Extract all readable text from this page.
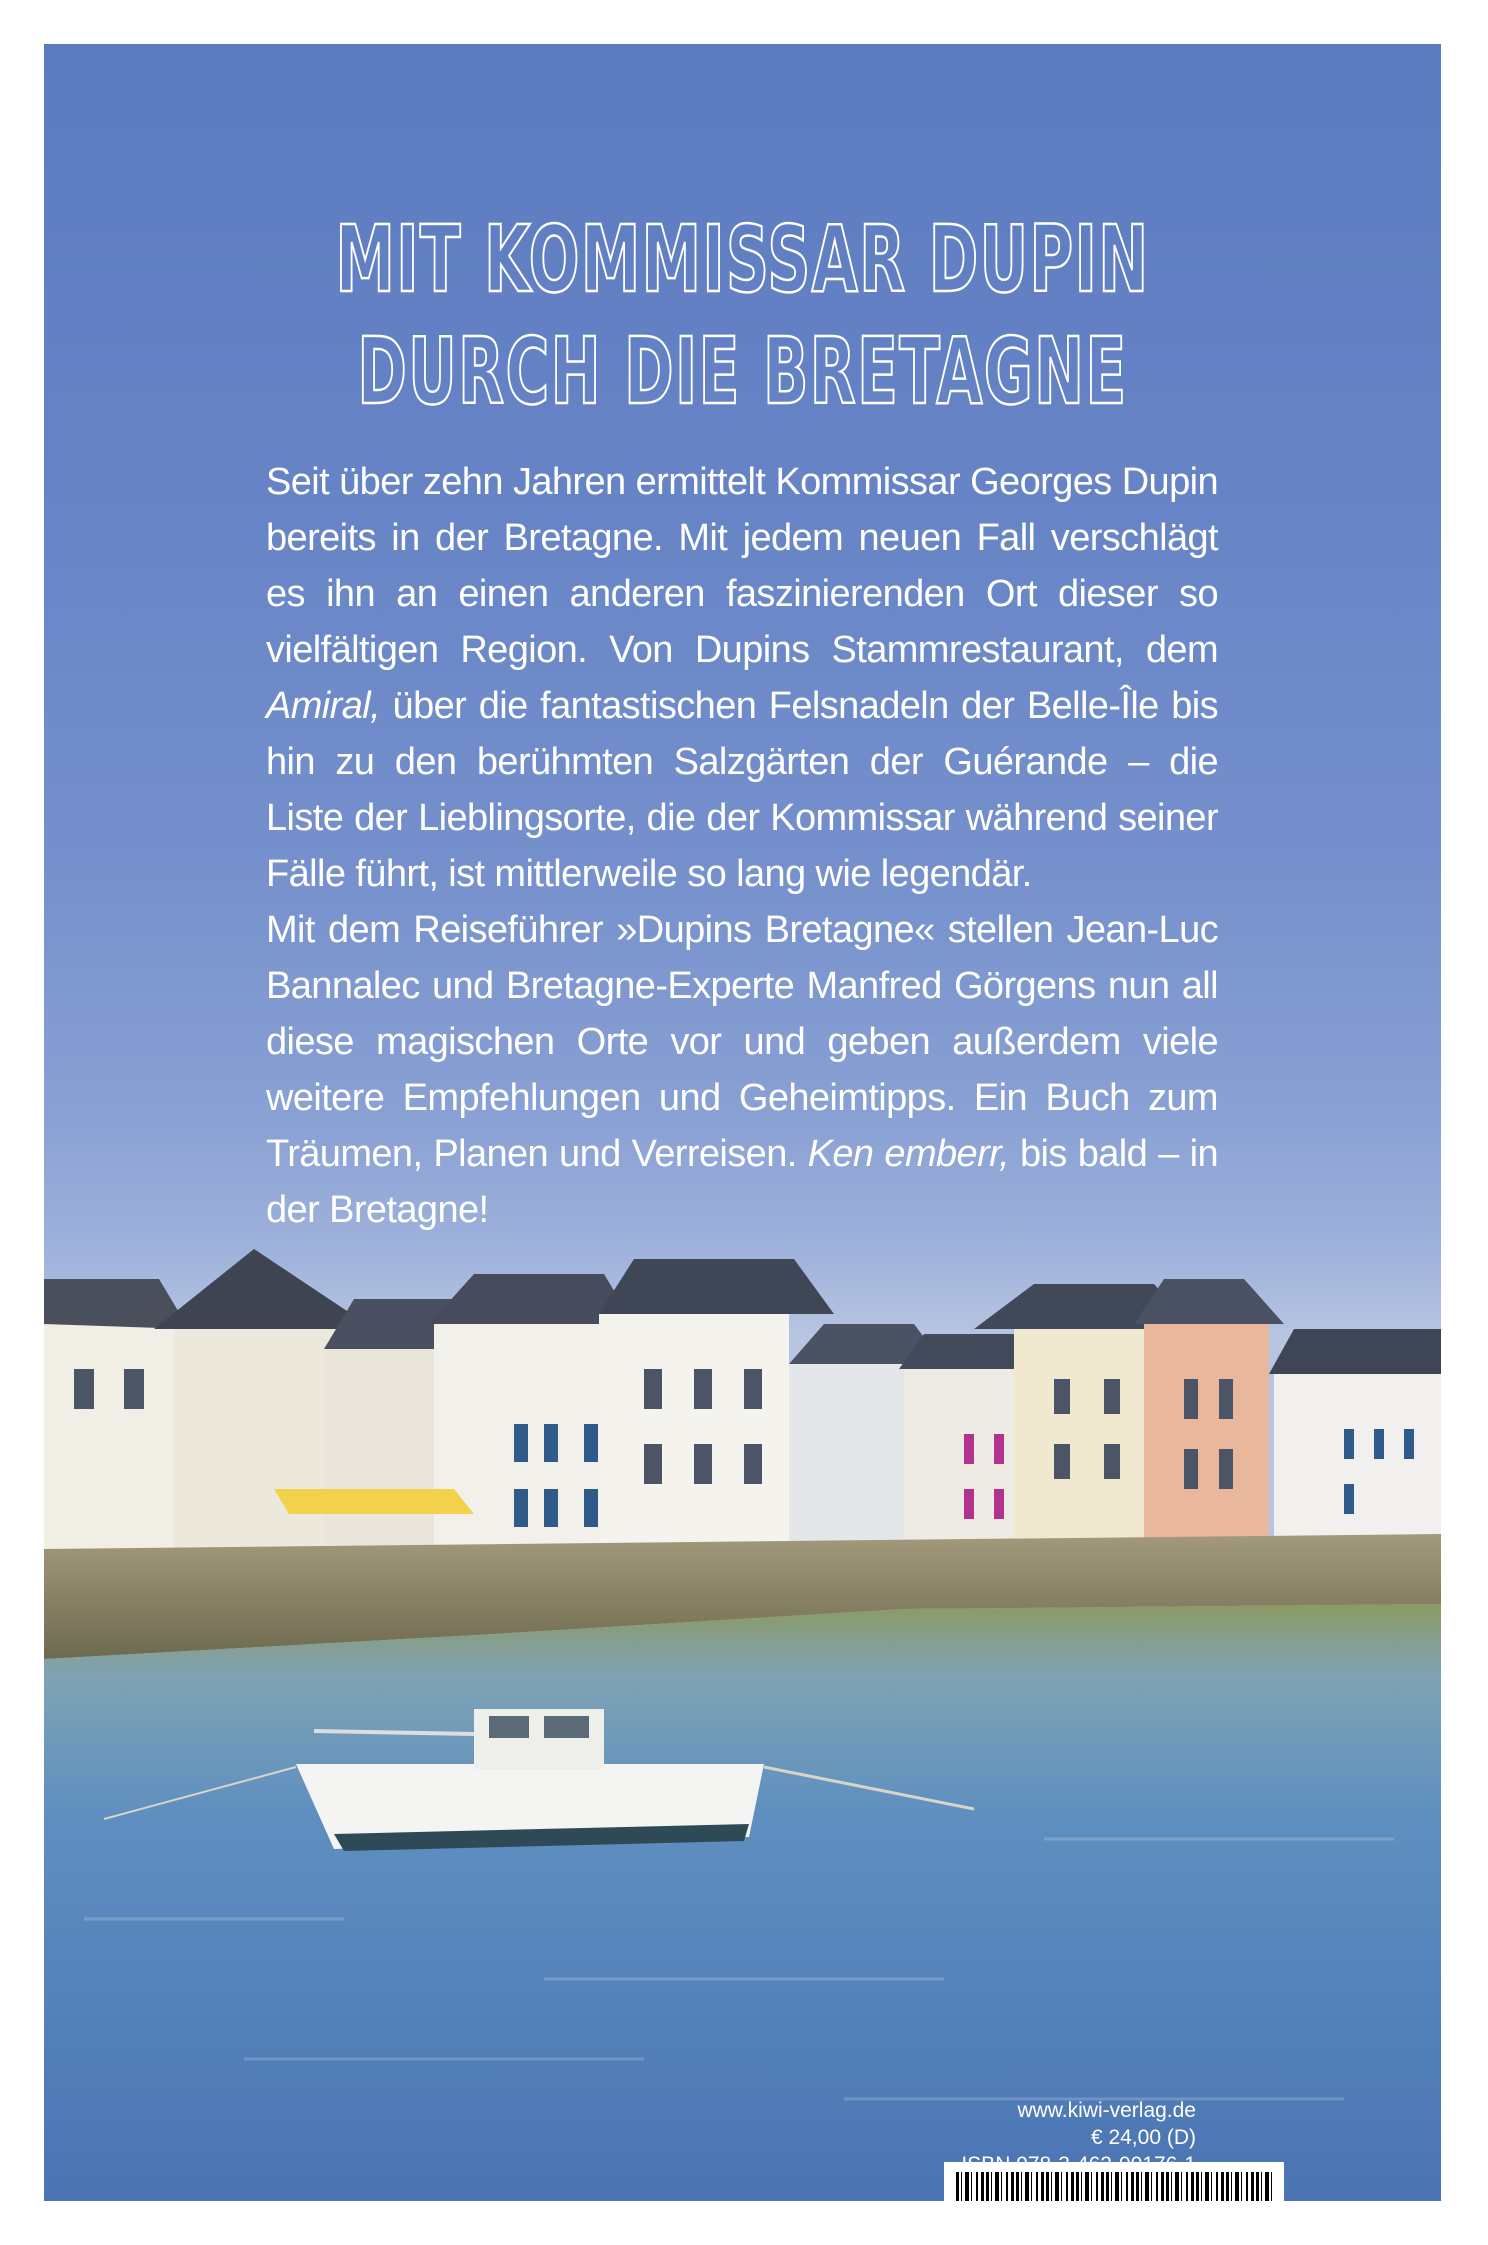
MIT KOMMISSAR DUPIN
DURCH DIE BRETAGNE

Seit über zehn Jahren ermittelt Kommissar Georges Dupin bereits in der Bretagne. Mit jedem neuen Fall verschlägt es ihn an einen anderen faszinierenden Ort dieser so vielfältigen Region. Von Dupins Stammrestaurant, dem Amiral, über die fantastischen Felsnadeln der Belle-Île bis hin zu den berühmten Salzgärten der Guérande – die Liste der Lieblingsorte, die der Kommissar während seiner Fälle führt, ist mittlerweile so lang wie legendär.

Mit dem Reiseführer »Dupins Bretagne« stellen Jean-Luc Bannalec und Bretagne-Experte Manfred Görgens nun all diese magischen Orte vor und geben außerdem viele weitere Empfehlungen und Geheimtipps. Ein Buch zum Träumen, Planen und Verreisen. Ken emberr, bis bald – in der Bretagne!

www.kiwi-verlag.de
€ 24,00 (D)
